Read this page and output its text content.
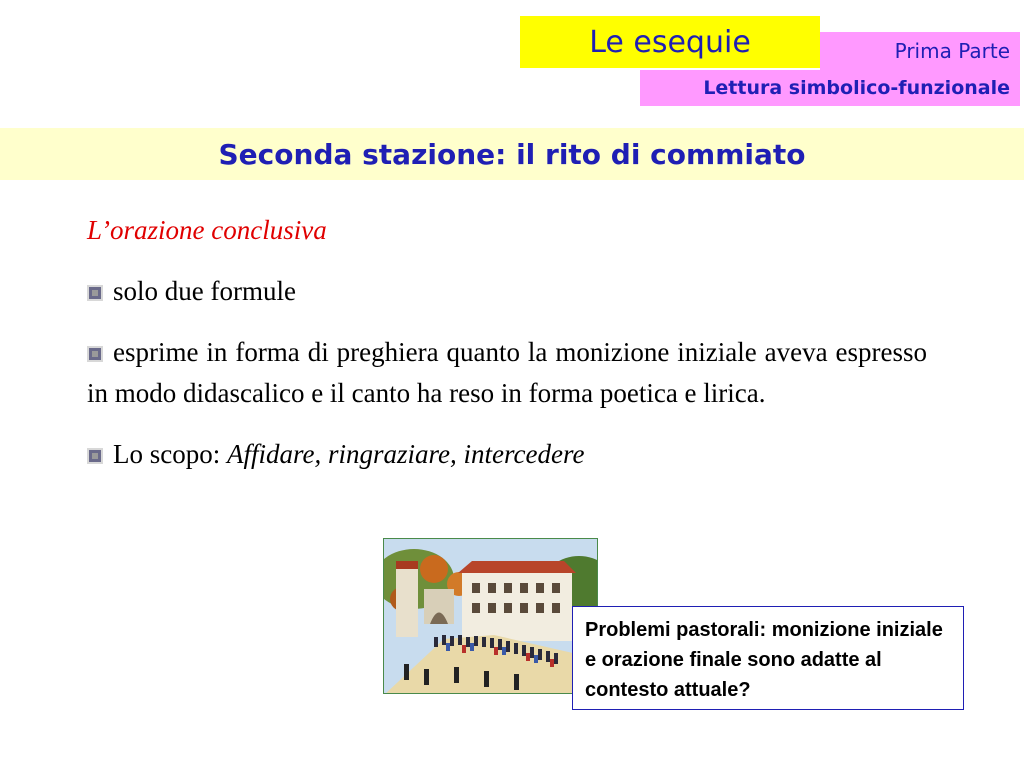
Le esequie	Prima Parte
Lettura simbolico-funzionale
Seconda stazione: il rito di commiato
L’orazione conclusiva
solo due formule
esprime in forma di preghiera quanto la monizione iniziale aveva espresso in modo didascalico e il canto ha reso in forma poetica e lirica.
Lo scopo: Affidare, ringraziare, intercedere
Problemi pastorali: monizione iniziale e orazione finale sono adatte al contesto attuale?
